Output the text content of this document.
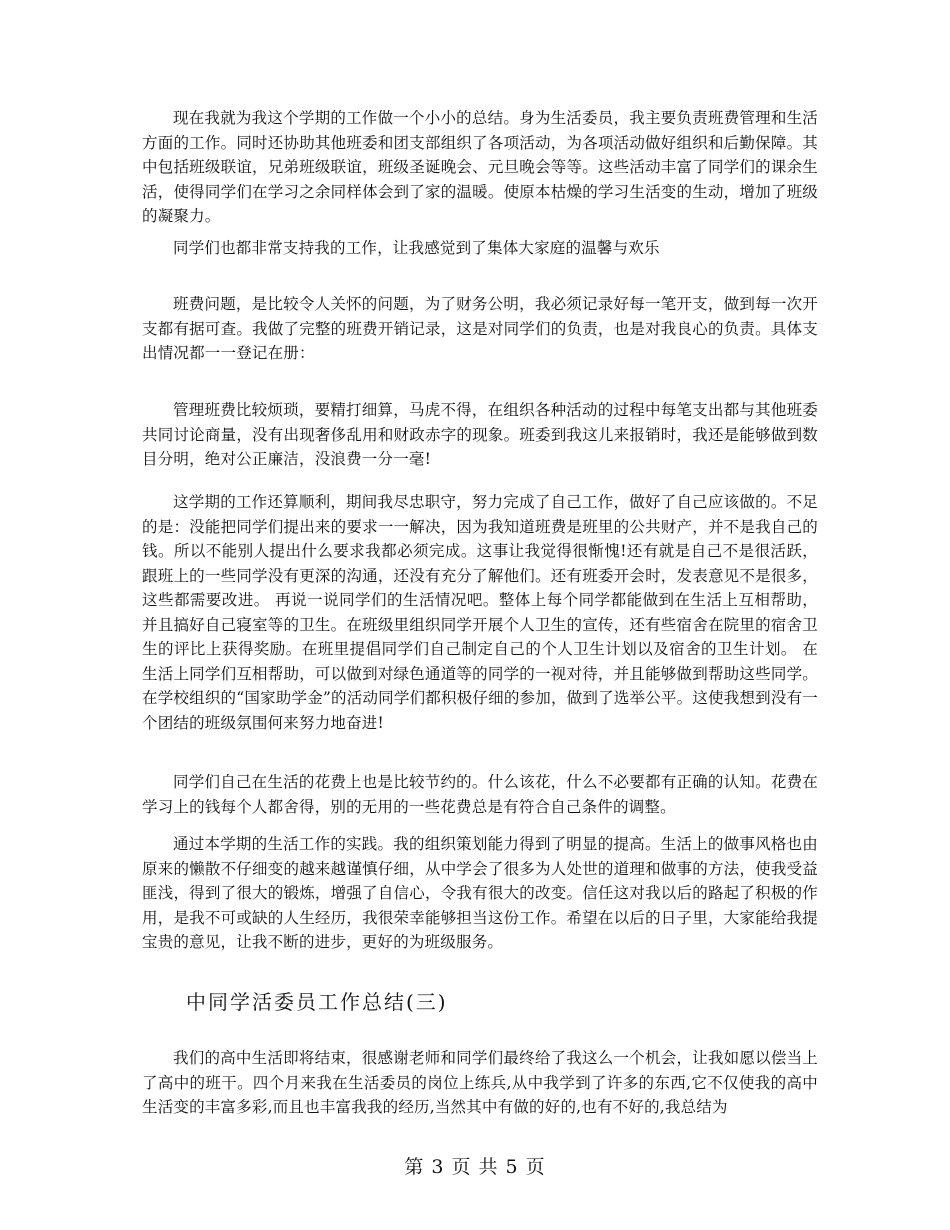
现在我就为我这个学期的工作做一个小小的总结。身为生活委员，我主要负责班费管理和生活方面的工作。同时还协助其他班委和团支部组织了各项活动，为各项活动做好组织和后勤保障。其中包括班级联谊，兄弟班级联谊，班级圣诞晚会、元旦晚会等等。这些活动丰富了同学们的课余生活，使得同学们在学习之余同样体会到了家的温暖。使原本枯燥的学习生活变的生动，增加了班级的凝聚力。

同学们也都非常支持我的工作，让我感觉到了集体大家庭的温馨与欢乐

班费问题，是比较令人关怀的问题，为了财务公明，我必须记录好每一笔开支，做到每一次开支都有据可查。我做了完整的班费开销记录，这是对同学们的负责，也是对我良心的负责。具体支出情况都一一登记在册：

管理班费比较烦琐，要精打细算，马虎不得，在组织各种活动的过程中每笔支出都与其他班委共同讨论商量，没有出现奢侈乱用和财政赤字的现象。班委到我这儿来报销时，我还是能够做到数目分明，绝对公正廉洁，没浪费一分一毫!

这学期的工作还算顺利，期间我尽忠职守，努力完成了自己工作，做好了自己应该做的。不足的是：没能把同学们提出来的要求一一解决，因为我知道班费是班里的公共财产，并不是我自己的钱。所以不能别人提出什么要求我都必须完成。这事让我觉得很惭愧!还有就是自己不是很活跃，跟班上的一些同学没有更深的沟通，还没有充分了解他们。还有班委开会时，发表意见不是很多，这些都需要改进。 再说一说同学们的生活情况吧。整体上每个同学都能做到在生活上互相帮助，并且搞好自己寝室等的卫生。在班级里组织同学开展个人卫生的宣传，还有些宿舍在院里的宿舍卫生的评比上获得奖励。在班里提倡同学们自己制定自己的个人卫生计划以及宿舍的卫生计划。 在生活上同学们互相帮助，可以做到对绿色通道等的同学的一视对待，并且能够做到帮助这些同学。在学校组织的“国家助学金”的活动同学们都积极仔细的参加，做到了选举公平。这使我想到没有一个团结的班级氛围何来努力地奋进!

同学们自己在生活的花费上也是比较节约的。什么该花，什么不必要都有正确的认知。花费在学习上的钱每个人都舍得，别的无用的一些花费总是有符合自己条件的调整。

通过本学期的生活工作的实践。我的组织策划能力得到了明显的提高。生活上的做事风格也由原来的懒散不仔细变的越来越谨慎仔细，从中学会了很多为人处世的道理和做事的方法，使我受益匪浅，得到了很大的锻炼，增强了自信心，令我有很大的改变。信任这对我以后的路起了积极的作用，是我不可或缺的人生经历，我很荣幸能够担当这份工作。希望在以后的日子里，大家能给我提宝贵的意见，让我不断的进步，更好的为班级服务。

中同学活委员工作总结(三)

我们的高中生活即将结束，很感谢老师和同学们最终给了我这么一个机会，让我如愿以偿当上了高中的班干。四个月来我在生活委员的岗位上练兵,从中我学到了许多的东西,它不仅使我的高中生活变的丰富多彩,而且也丰富我我的经历,当然其中有做的好的,也有不好的,我总结为

第 3 页 共 5 页
